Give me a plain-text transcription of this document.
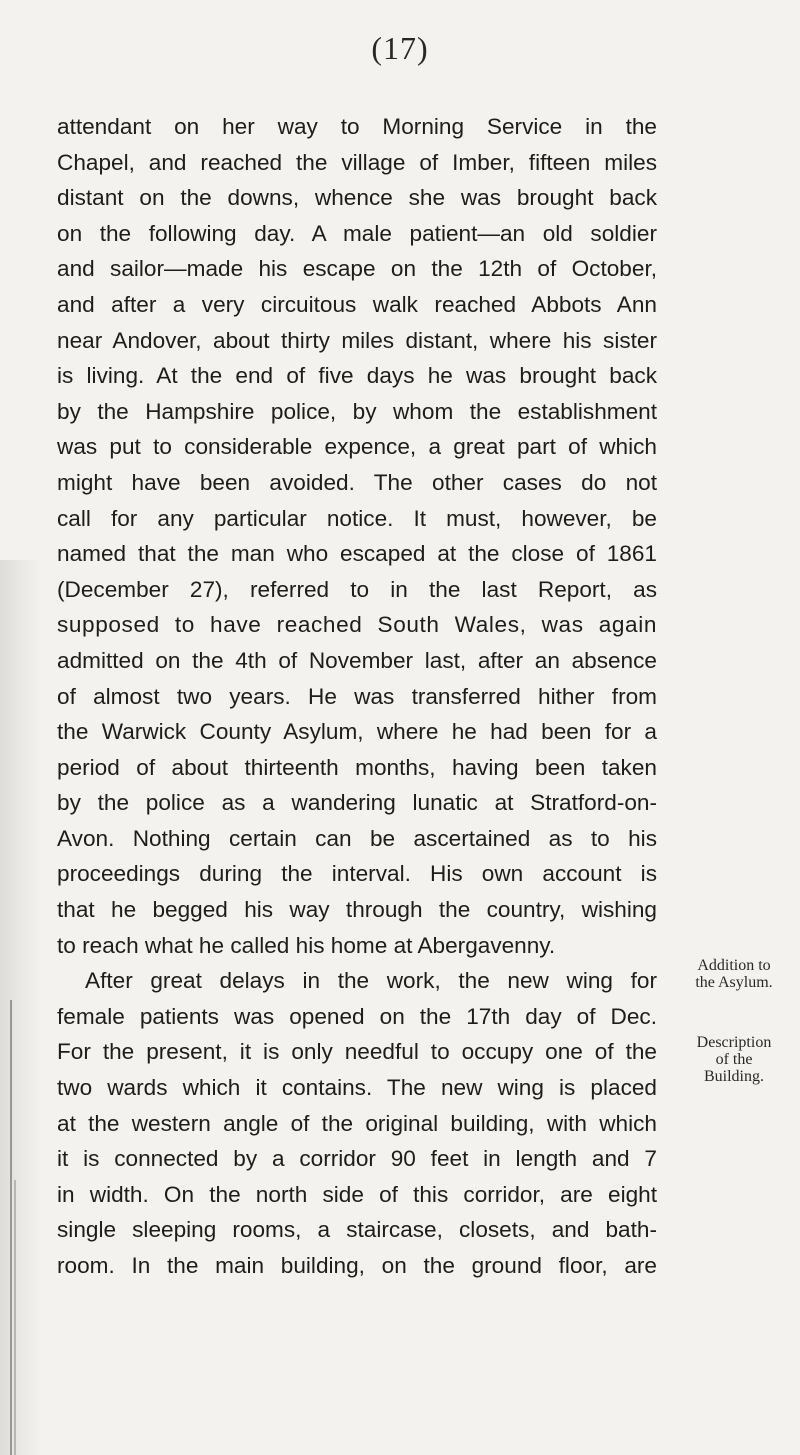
(17)
attendant on her way to Morning Service in the
Chapel, and reached the village of Imber, fifteen miles
distant on the downs, whence she was brought back
on the following day. A male patient—an old soldier
and sailor—made his escape on the 12th of October,
and after a very circuitous walk reached Abbots Ann
near Andover, about thirty miles distant, where his sister
is living. At the end of five days he was brought back
by the Hampshire police, by whom the establishment
was put to considerable expence, a great part of which
might have been avoided. The other cases do not
call for any particular notice. It must, however, be
named that the man who escaped at the close of 1861
(December 27), referred to in the last Report, as
supposed to have reached South Wales, was again
admitted on the 4th of November last, after an absence
of almost two years. He was transferred hither from
the Warwick County Asylum, where he had been for a
period of about thirteenth months, having been taken
by the police as a wandering lunatic at Stratford-on-
Avon. Nothing certain can be ascertained as to his
proceedings during the interval. His own account is
that he begged his way through the country, wishing
to reach what he called his home at Abergavenny.
After great delays in the work, the new wing for
female patients was opened on the 17th day of Dec.
For the present, it is only needful to occupy one of the
two wards which it contains. The new wing is placed
at the western angle of the original building, with which
it is connected by a corridor 90 feet in length and 7
in width. On the north side of this corridor, are eight
single sleeping rooms, a staircase, closets, and bath-
room. In the main building, on the ground floor, are
Addition to
the Asylum.
Description
of the
Building.
